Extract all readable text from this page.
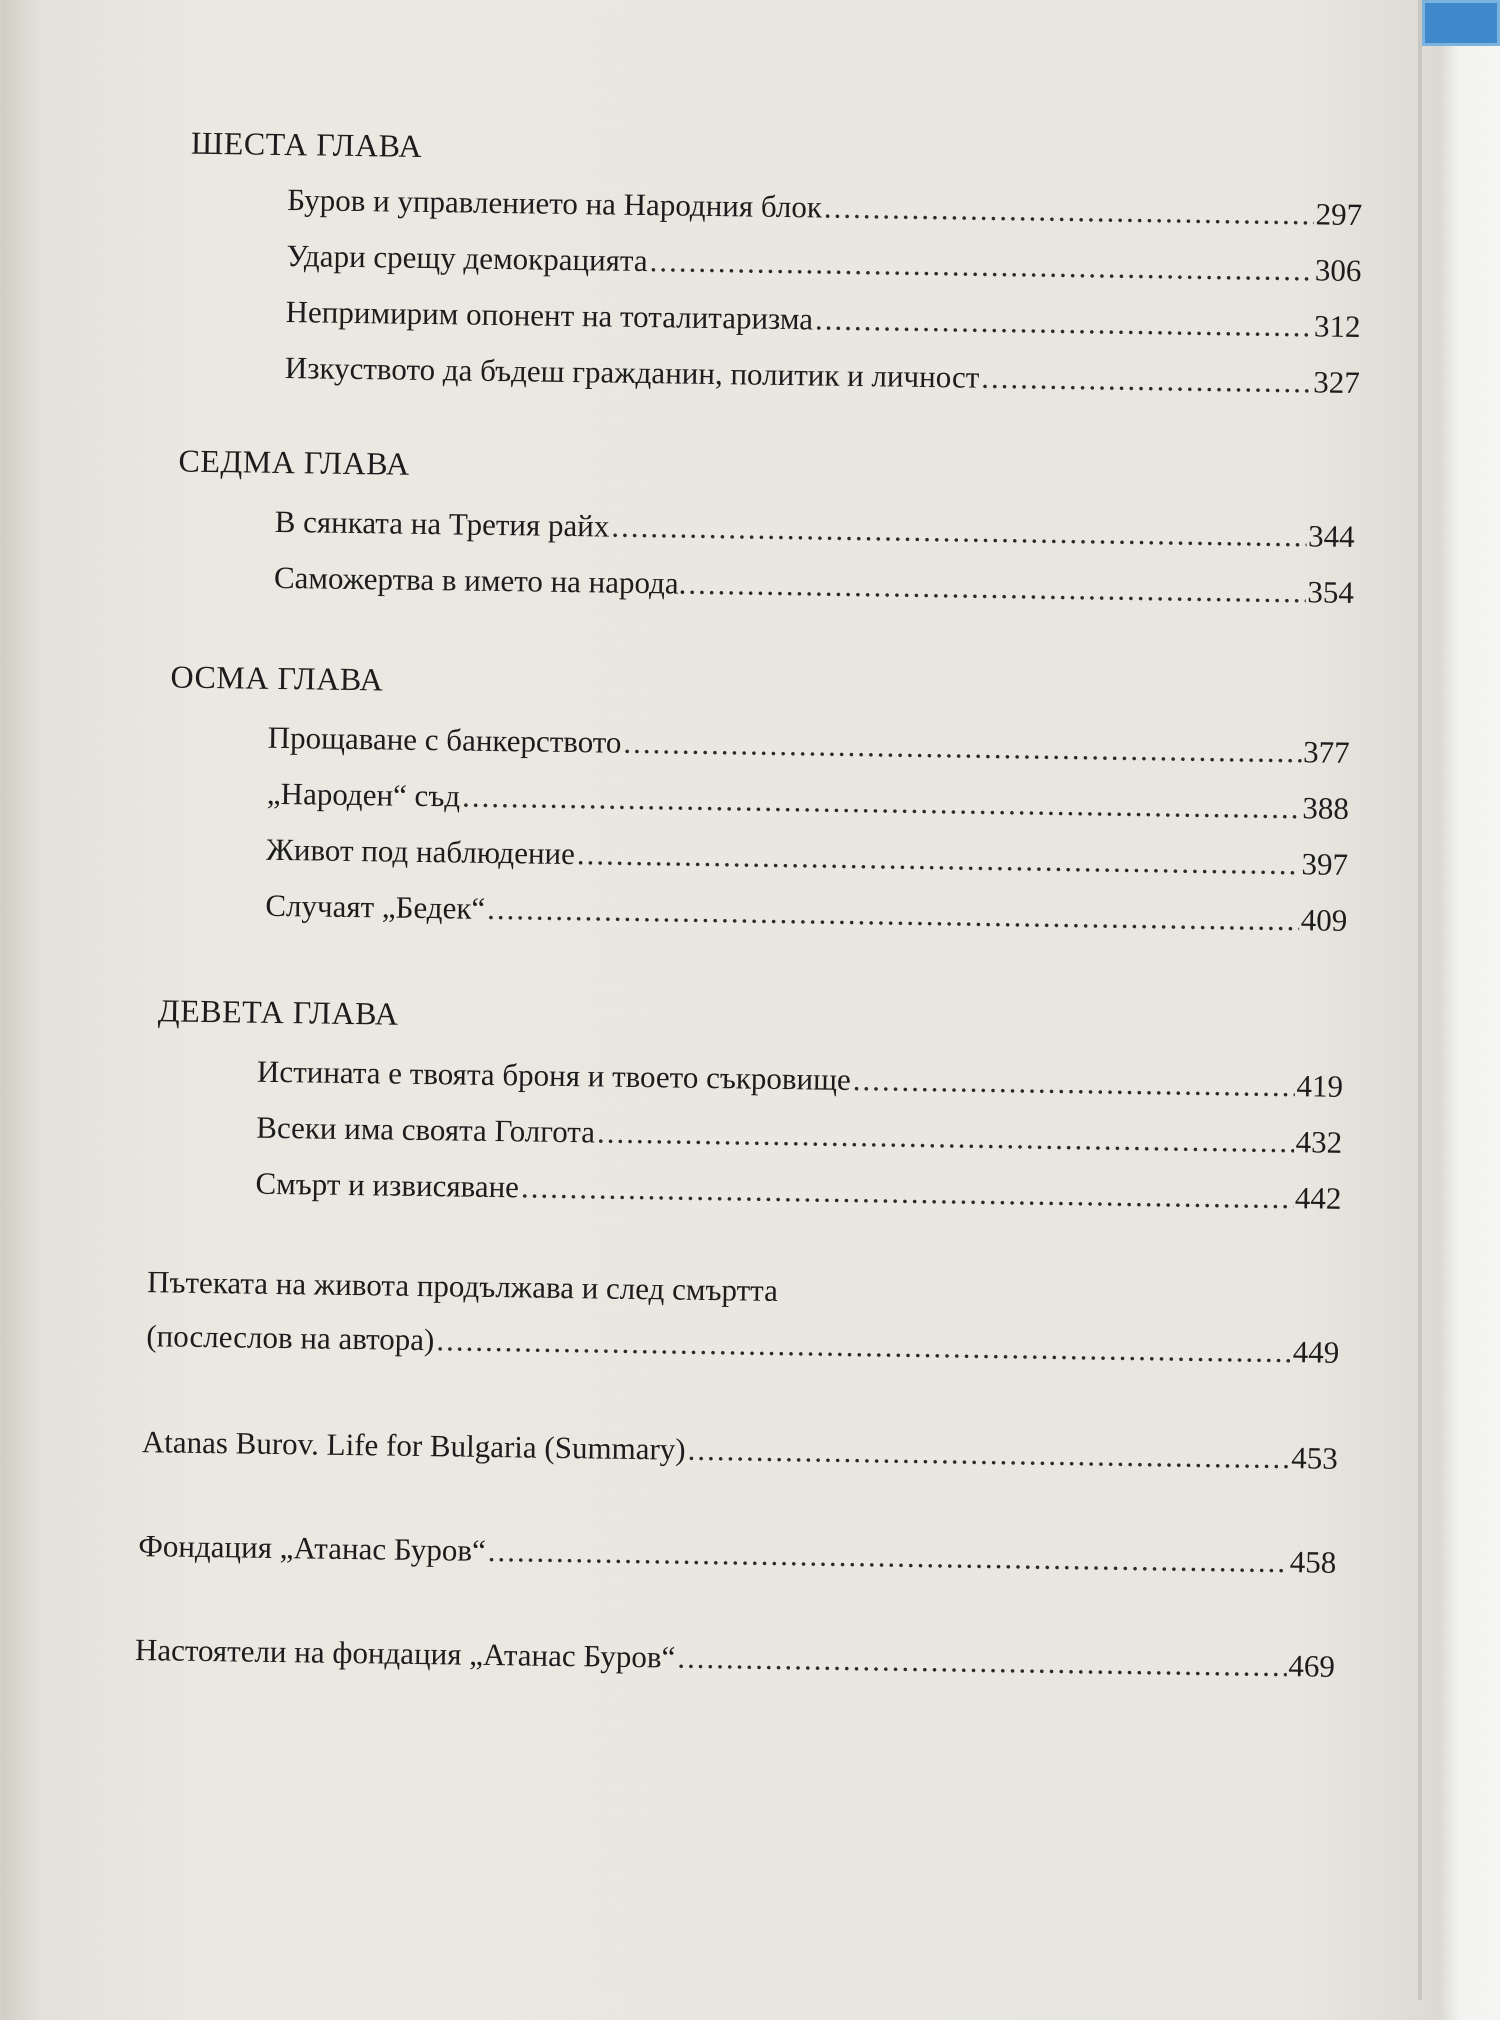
ШЕСТА ГЛАВА
Буров и управлението на Народния блок .....	297
Удари срещу демокрацията .....	306
Непримирим опонент на тоталитаризма .....	312
Изкуството да бъдеш гражданин, политик и личност .....	327
СЕДМА ГЛАВА
В сянката на Третия райх .....	344
Саможертва в името на народа. .....	354
ОСМА ГЛАВА
Прощаване с банкерството .....	377
„Народен“ съд .....	388
Живот под наблюдение .....	397
Случаят „Бедек“ .....	409
ДЕВЕТА ГЛАВА
Истината е твоята броня и твоето съкровище .....	419
Всеки има своята Голгота .....	432
Смърт и извисяване .....	442
Пътеката на живота продължава и след смъртта
(послеслов на автора) .....	449
Atanas Burov. Life for Bulgaria (Summary) .....	453
Фондация „Атанас Буров“ .....	458
Настоятели на фондация „Атанас Буров“ .....	469
